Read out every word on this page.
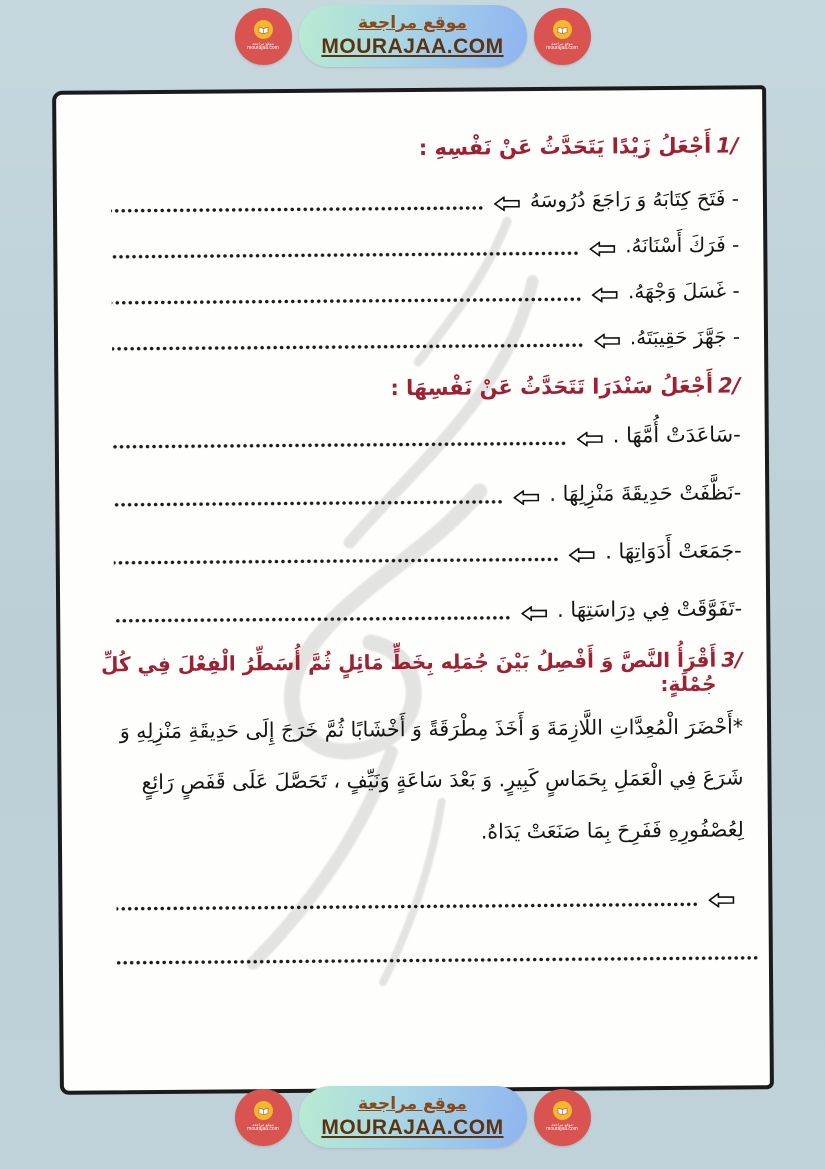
موقع مراجعة
mourajaa.com
موقع مراجعة
MOURAJAA.COM	موقع مراجعة
mourajaa.com
1/
أَجْعَلُ زَيْدًا يَتَحَدَّثُ عَنْ نَفْسِهِ :
- فَتَحَ كِتَابَهُ وَ رَاجَعَ دُرُوسَهُ
- فَرَكَ أَسْنَانَهُ.
- غَسَلَ وَجْهَهُ.
- جَهَّزَ حَقِيبَتَهُ.
2/
أَجْعَلُ سَنْدَرَا تَتَحَدَّثُ عَنْ نَفْسِهَا :
-سَاعَدَتْ أُمَّهَا .
-نَظَّفَتْ حَدِيقَةَ مَنْزِلِهَا .
-جَمَعَتْ أَدَوَاتِهَا .
-تَفَوَّقَتْ فِي دِرَاسَتِهَا .
3/
أَقْرَأُ النَّصَّ وَ أَفْصِلُ بَيْنَ جُمَلِه بِخَطٍّ مَائِلٍ ثُمَّ أُسَطِّرُ الْفِعْلَ فِي كُلِّ جُمْلَةٍ:

*أَحْضَرَ الْمُعِدَّاتِ اللَّازِمَةَ وَ أَخَذَ مِطْرَقَةً وَ أَخْشَابًا ثُمَّ خَرَجَ إِلَى حَدِيقَةِ مَنْزِلِهِ وَ شَرَعَ فِي الْعَمَلِ بِحَمَاسٍ كَبِيرٍ. وَ بَعْدَ سَاعَةٍ وَنَيِّفٍ ، تَحَصَّلَ عَلَى قَفَصٍ رَائِعٍ لِعُصْفُورِهِ فَفَرِحَ بِمَا صَنَعَتْ يَدَاهُ.

موقع مراجعة
mourajaa.com
موقع مراجعة
MOURAJAA.COM	موقع مراجعة
mourajaa.com
